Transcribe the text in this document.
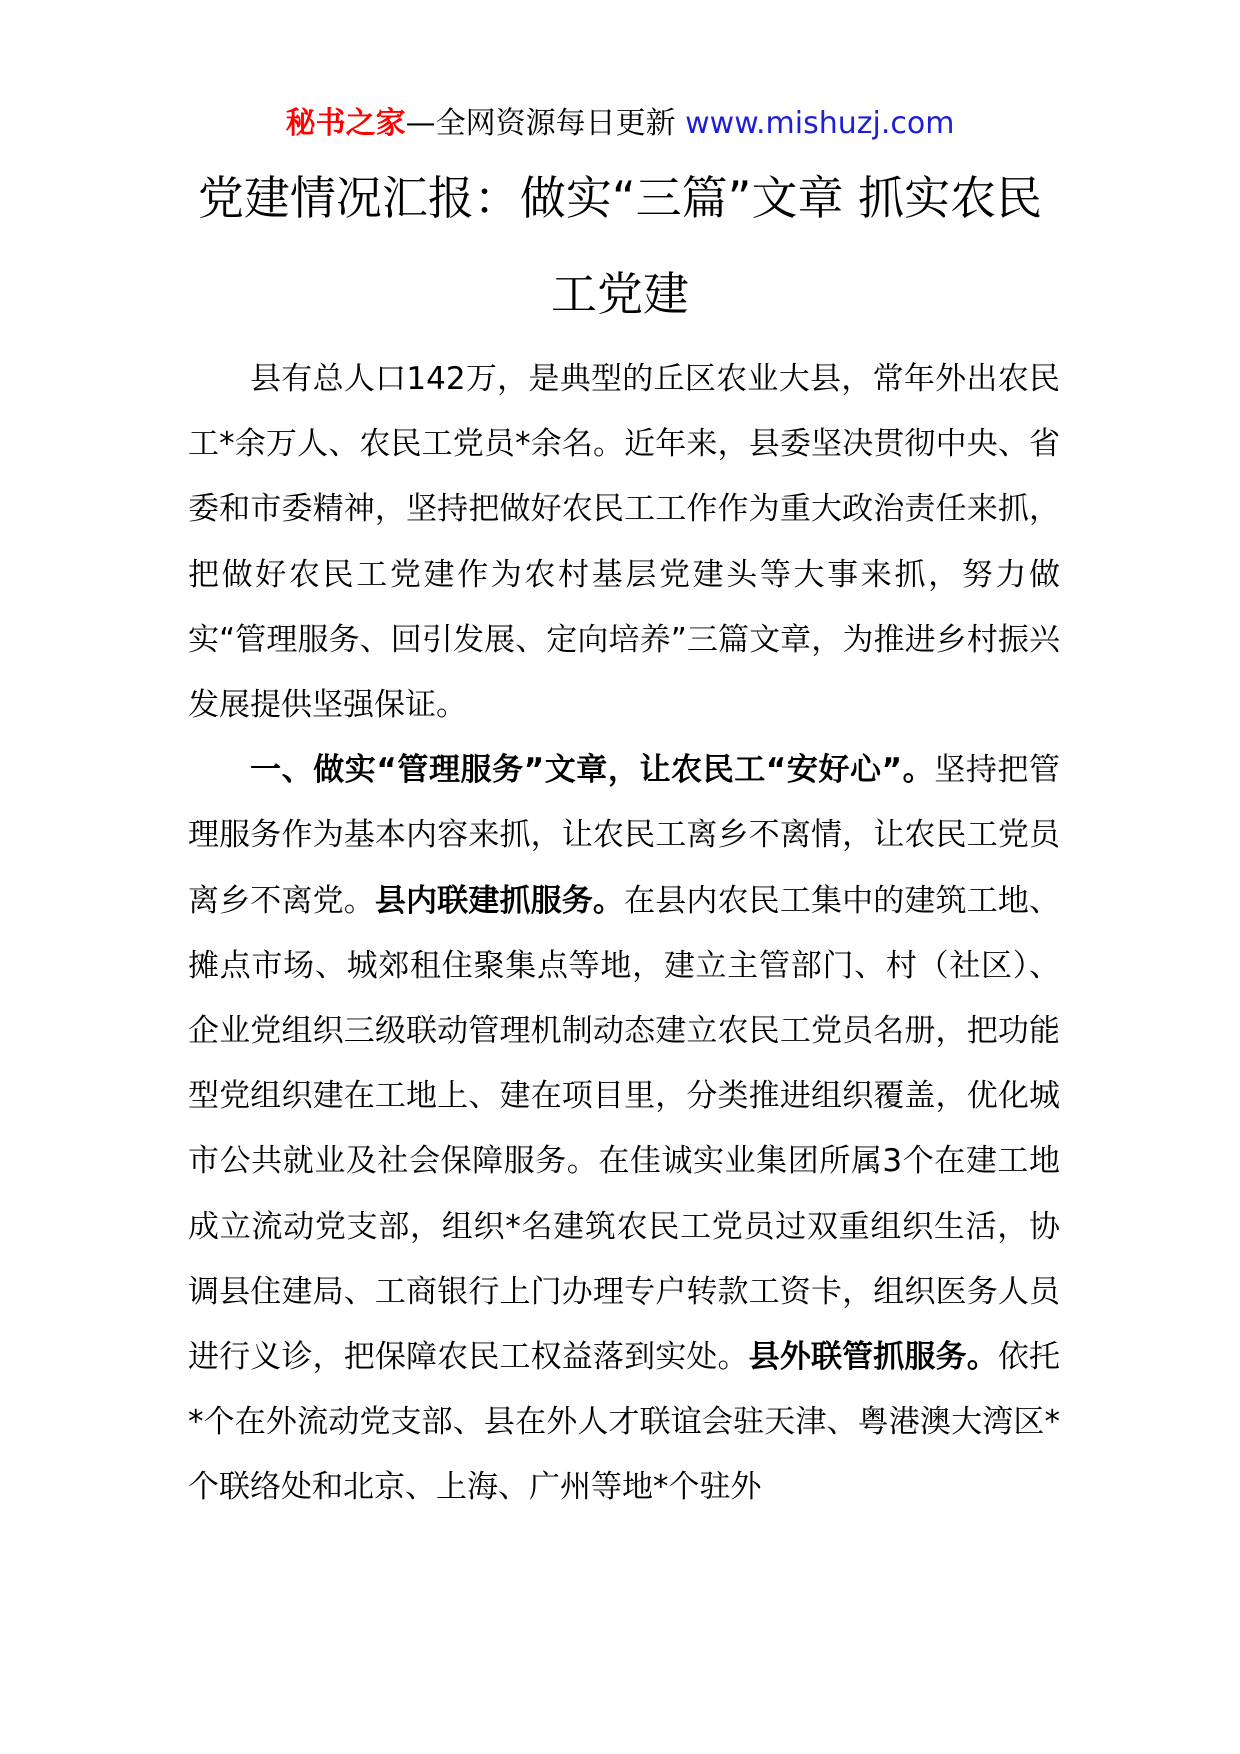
秘书之家—全网资源每日更新 www.mishuzj.com
党建情况汇报：做实“三篇”文章 抓实农民工党建

县有总人口142万，是典型的丘区农业大县，常年外出农民工*余万人、农民工党员*余名。近年来，县委坚决贯彻中央、省委和市委精神，坚持把做好农民工工作作为重大政治责任来抓，把做好农民工党建作为农村基层党建头等大事来抓，努力做实“管理服务、回引发展、定向培养”三篇文章，为推进乡村振兴发展提供坚强保证。

一、做实“管理服务”文章，让农民工“安好心”。坚持把管理服务作为基本内容来抓，让农民工离乡不离情，让农民工党员离乡不离党。县内联建抓服务。在县内农民工集中的建筑工地、摊点市场、城郊租住聚集点等地，建立主管部门、村（社区）、企业党组织三级联动管理机制动态建立农民工党员名册，把功能型党组织建在工地上、建在项目里，分类推进组织覆盖，优化城市公共就业及社会保障服务。在佳诚实业集团所属3个在建工地成立流动党支部，组织*名建筑农民工党员过双重组织生活，协调县住建局、工商银行上门办理专户转款工资卡，组织医务人员进行义诊，把保障农民工权益落到实处。县外联管抓服务。依托*个在外流动党支部、县在外人才联谊会驻天津、粤港澳大湾区*个联络处和北京、上海、广州等地*个驻外
